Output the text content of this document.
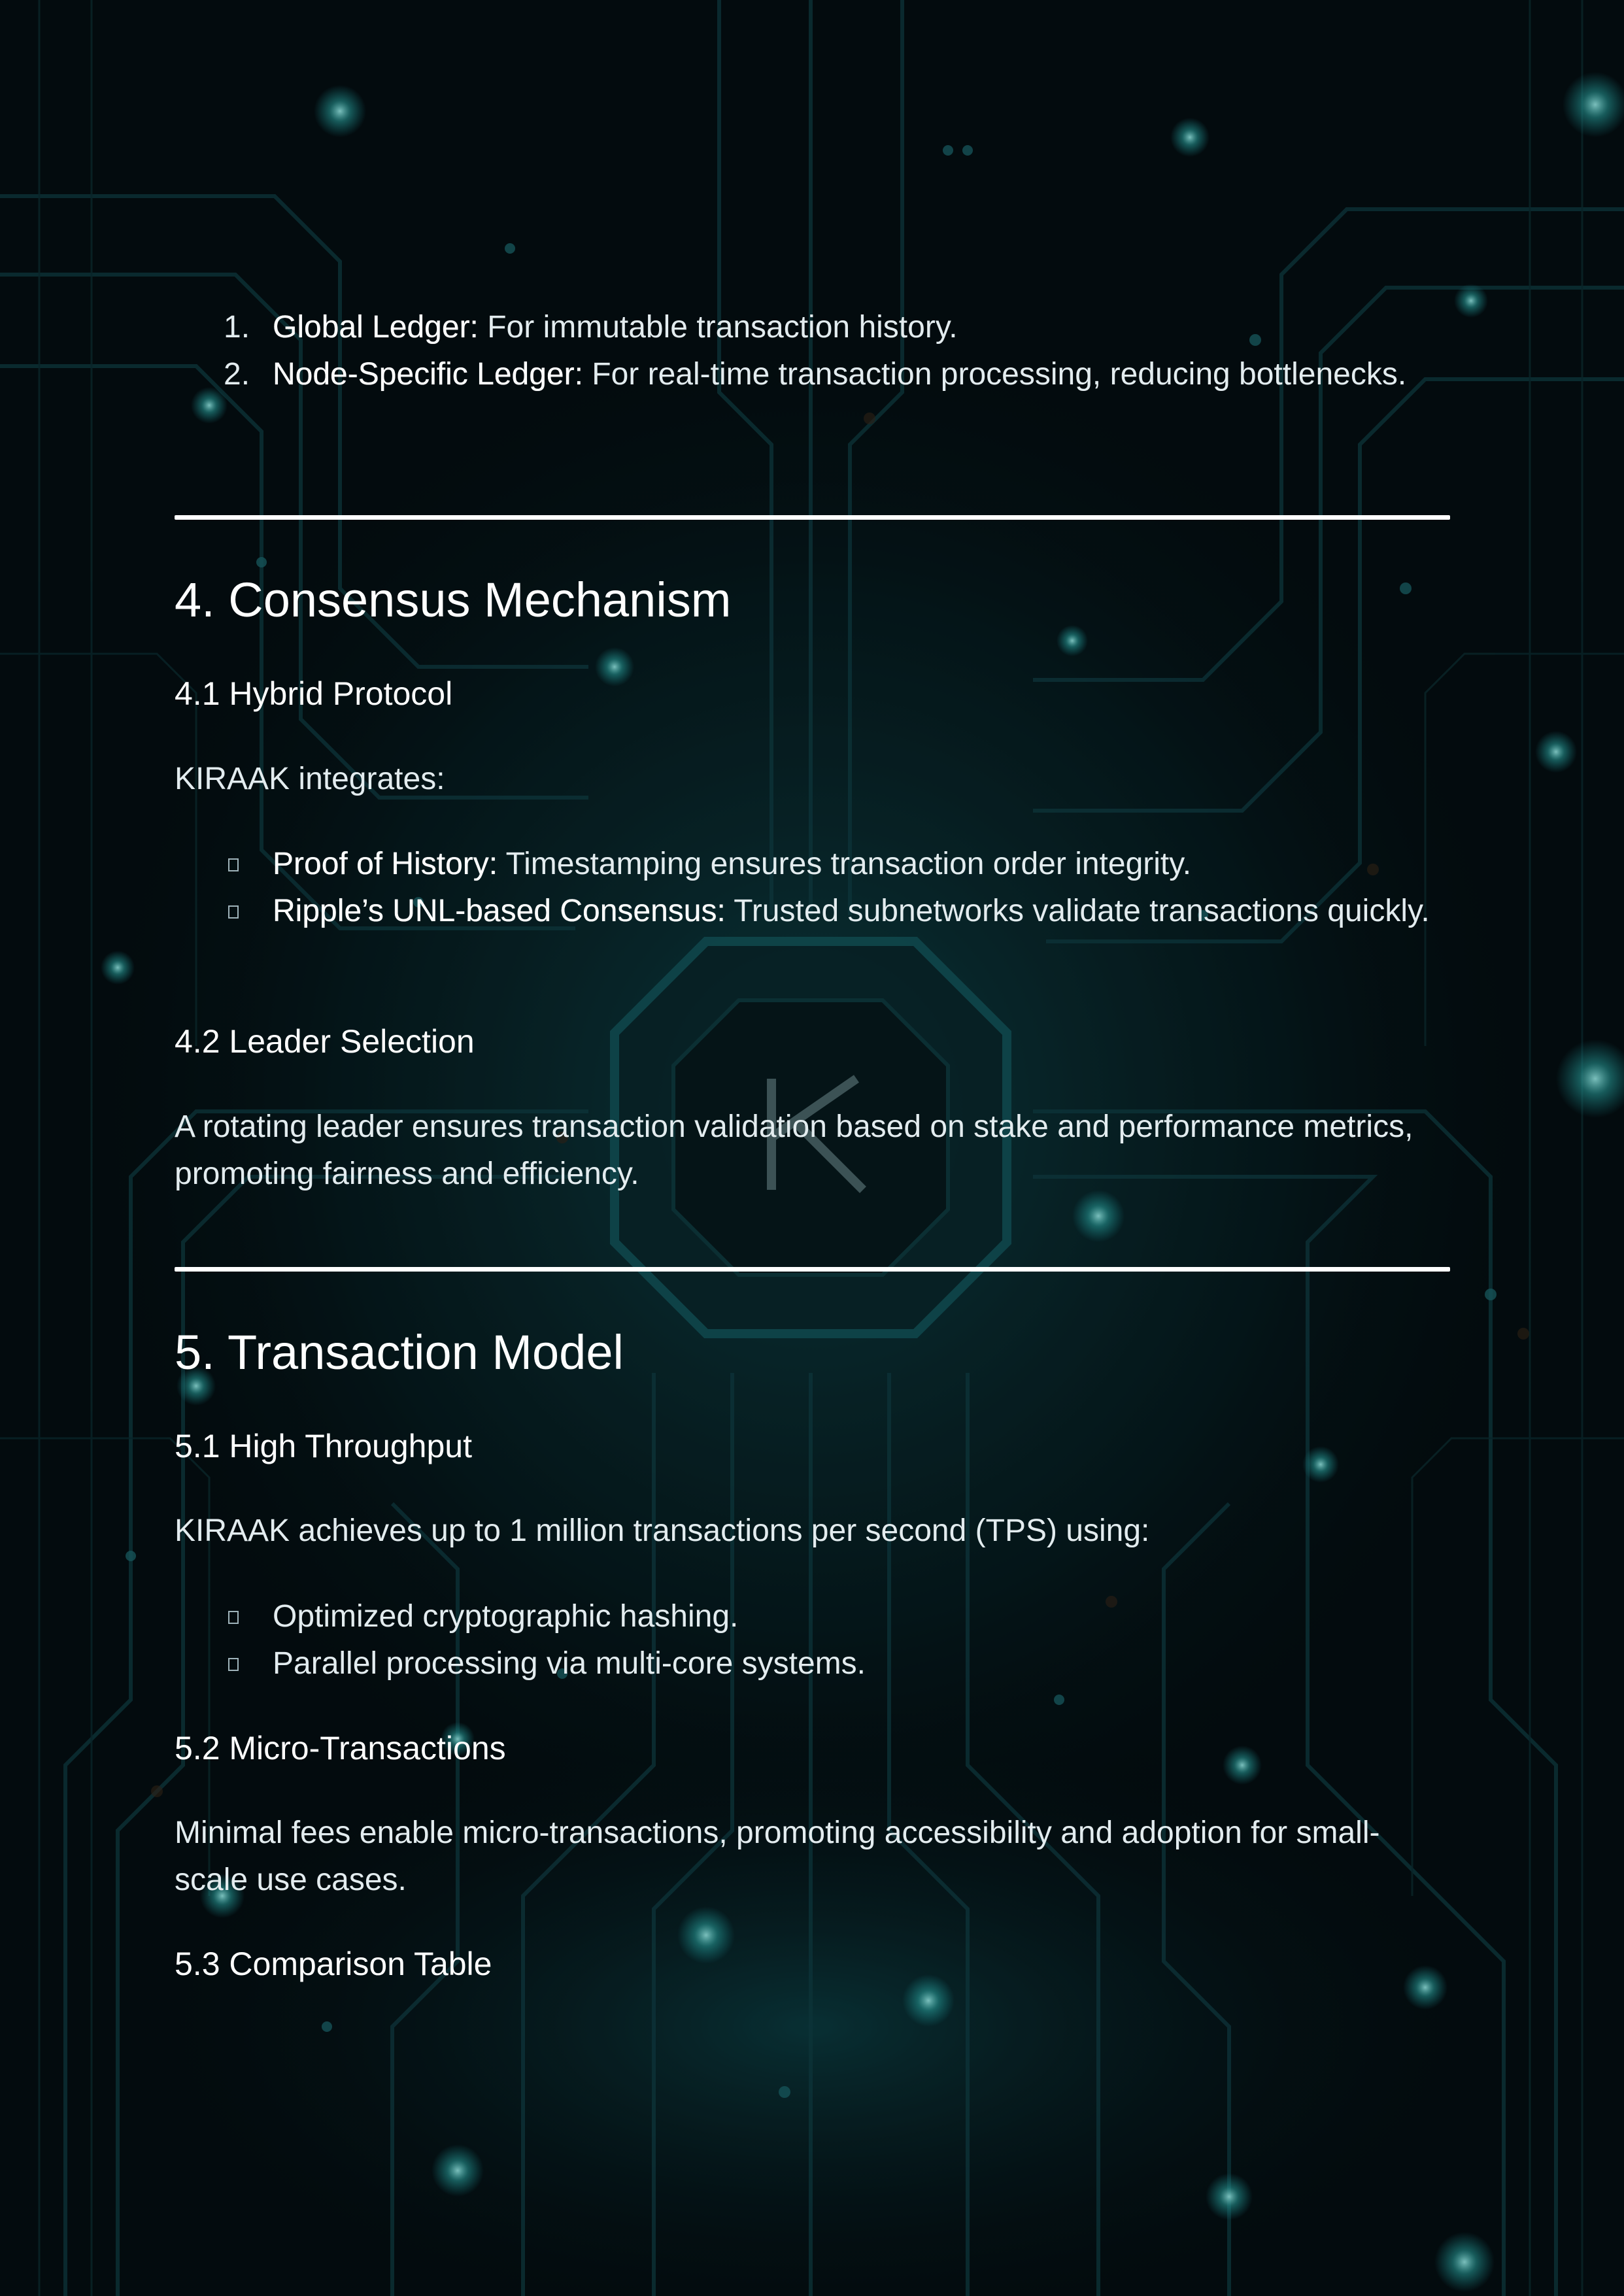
1. Global Ledger: For immutable transaction history.
2. Node-Specific Ledger: For real-time transaction processing, reducing bottlenecks.
4. Consensus Mechanism
4.1 Hybrid Protocol
KIRAAK integrates:
Proof of History: Timestamping ensures transaction order integrity.
Ripple’s UNL-based Consensus: Trusted subnetworks validate transactions quickly.
4.2 Leader Selection
A rotating leader ensures transaction validation based on stake and performance metrics, promoting fairness and efficiency.
5. Transaction Model
5.1 High Throughput
KIRAAK achieves up to 1 million transactions per second (TPS) using:
Optimized cryptographic hashing.
Parallel processing via multi-core systems.
5.2 Micro-Transactions
Minimal fees enable micro-transactions, promoting accessibility and adoption for small-scale use cases.
5.3 Comparison Table
